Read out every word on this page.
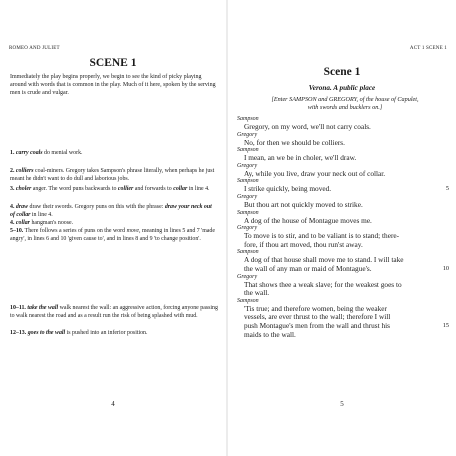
ROMEO AND JULIET
SCENE 1
Immediately the play begins properly, we begin to see the kind of picky playing around with words that is common in the play. Much of it here, spoken by the serving men is crude and vulgar.
1. carry coals do menial work.
2. colliers coal-miners. Gregory takes Sampson's phrase literally, when perhaps he just meant he didn't want to do dull and laborious jobs.
3. choler anger. The word puns backwards to collier and forwards to collar in line 4.
4. draw draw their swords. Gregory puns on this with the phrase: draw your neck out of collar in line 4.
4. collar hangman's noose.
5–10. There follows a series of puns on the word move, meaning in lines 5 and 7 'made angry', in lines 6 and 10 'given cause to', and in lines 8 and 9 'to change position'.
10–11. take the wall walk nearest the wall: an aggressive action, forcing anyone passing to walk nearest the road and as a result run the risk of being splashed with mud.
12–13. goes to the wall is pushed into an inferior position.
4
ACT 1 SCENE 1
Scene 1
Verona. A public place
[Enter SAMPSON and GREGORY, of the house of Capulet,
with swords and bucklers on.]
Sampson
Gregory, on my word, we'll not carry coals.
Gregory
No, for then we should be colliers.
Sampson
I mean, an we be in choler, we'll draw.
Gregory
Ay, while you live, draw your neck out of collar.
Sampson
I strike quickly, being moved.	5
Gregory
But thou art not quickly moved to strike.
Sampson
A dog of the house of Montague moves me.
Gregory
To move is to stir, and to be valiant is to stand; there-
fore, if thou art moved, thou run'st away.
Sampson
A dog of that house shall move me to stand. I will take
the wall of any man or maid of Montague's.	10
Gregory
That shows thee a weak slave; for the weakest goes to
the wall.
Sampson
'Tis true; and therefore women, being the weaker
vessels, are ever thrust to the wall; therefore I will
push Montague's men from the wall and thrust his	15
maids to the wall.
5
